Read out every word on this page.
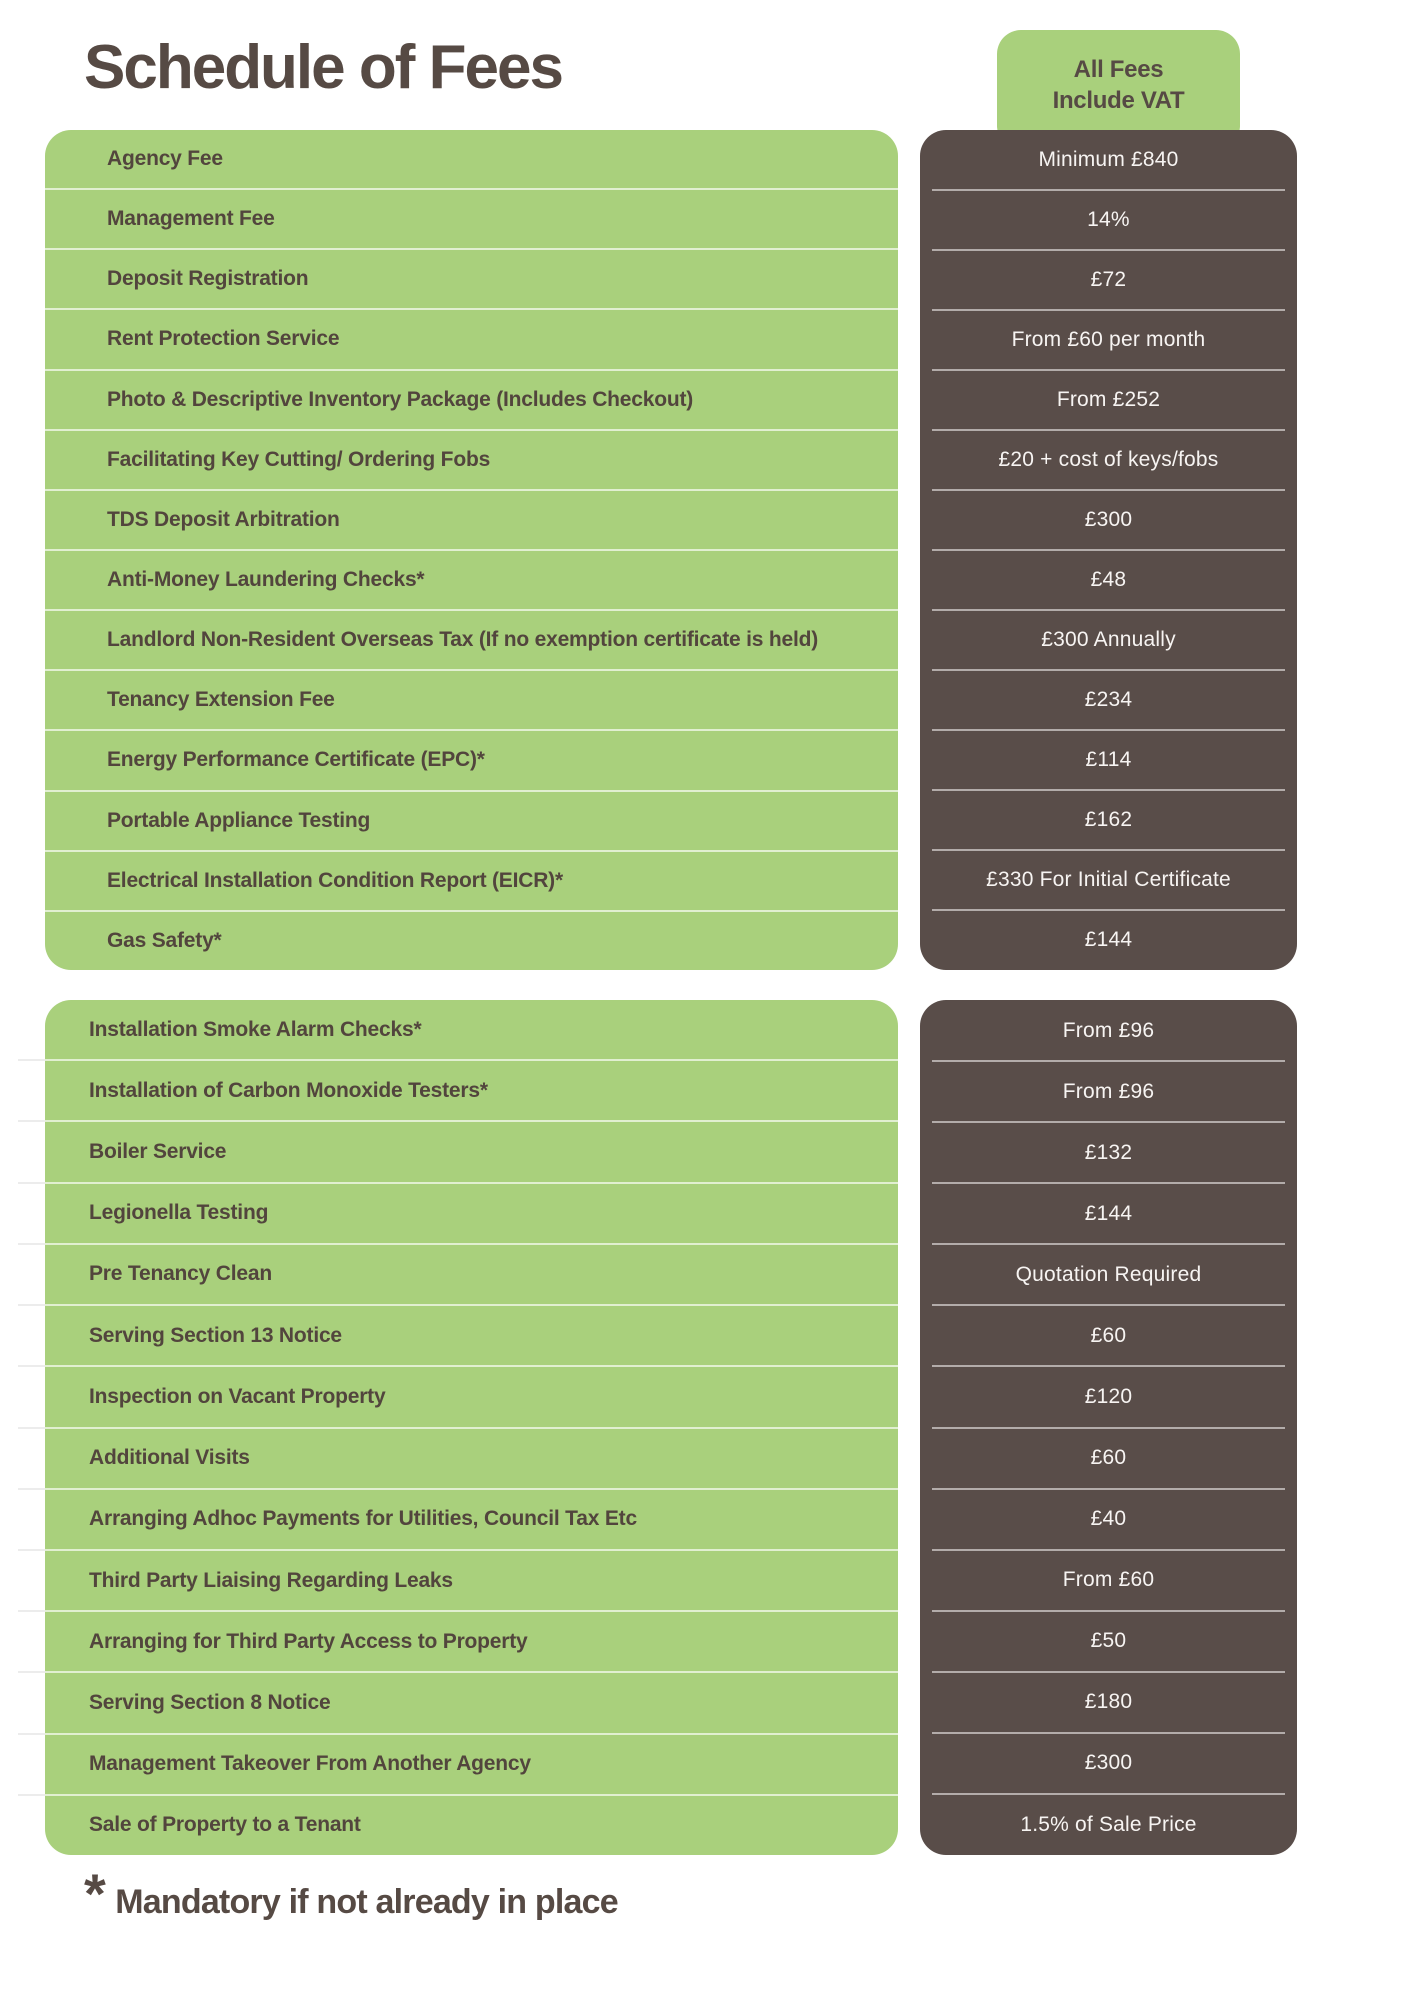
Schedule of Fees	All Fees
Include VAT
Agency Fee
Management Fee
Deposit Registration
Rent Protection Service
Photo & Descriptive Inventory Package (Includes Checkout)
Facilitating Key Cutting/ Ordering Fobs
TDS Deposit Arbitration
Anti-Money Laundering Checks*
Landlord Non-Resident Overseas Tax (If no exemption certificate is held)
Tenancy Extension Fee
Energy Performance Certificate (EPC)*
Portable Appliance Testing
Electrical Installation Condition Report (EICR)*
Gas Safety*
Minimum £840
14%
£72
From £60 per month
From £252
£20 + cost of keys/fobs
£300
£48
£300 Annually
£234
£114
£162
£330 For Initial Certificate
£144
Installation Smoke Alarm Checks*
Installation of Carbon Monoxide Testers*
Boiler Service
Legionella Testing
Pre Tenancy Clean
Serving Section 13 Notice
Inspection on Vacant Property
Additional Visits
Arranging Adhoc Payments for Utilities, Council Tax Etc
Third Party Liaising Regarding Leaks
Arranging for Third Party Access to Property
Serving Section 8 Notice
Management Takeover From Another Agency
Sale of Property to a Tenant
From £96
From £96
£132
£144
Quotation Required
£60
£120
£60
£40
From £60
£50
£180
£300
1.5% of Sale Price
* Mandatory if not already in place
